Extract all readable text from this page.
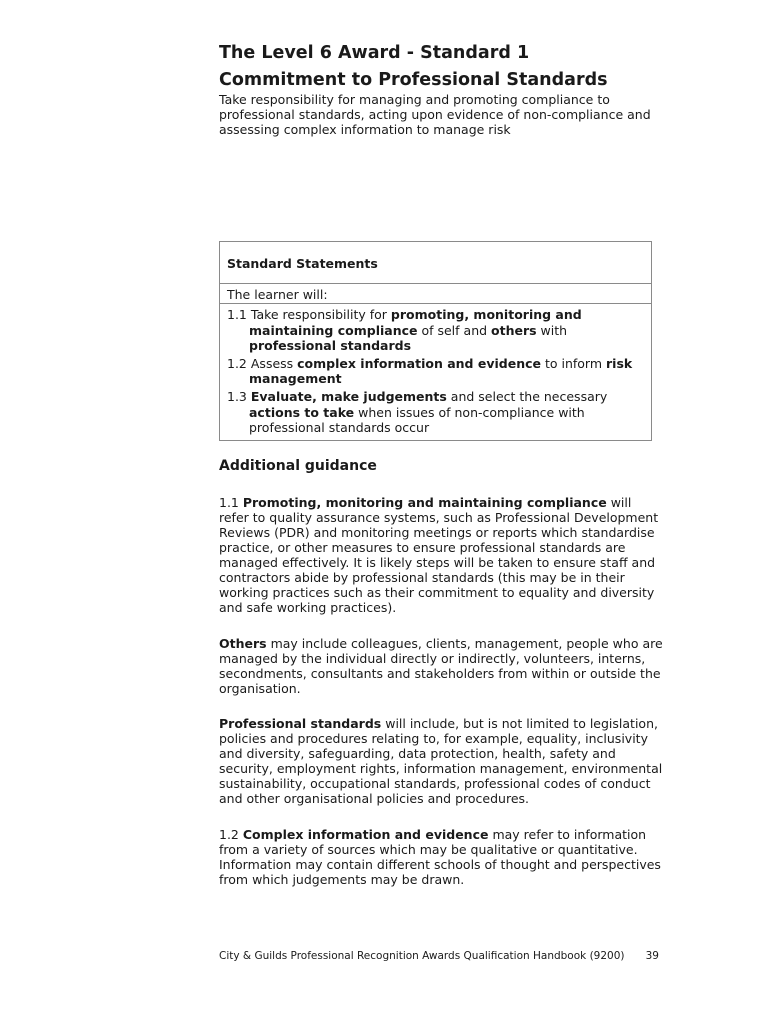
The Level 6 Award - Standard 1
Commitment to Professional Standards

Take responsibility for managing and promoting compliance to professional standards, acting upon evidence of non-compliance and assessing complex information to manage risk

Standard Statements
The learner will:
1.1 Take responsibility for promoting, monitoring and maintaining compliance of self and others with professional standards
1.2 Assess complex information and evidence to inform risk management
1.3 Evaluate, make judgements and select the necessary actions to take when issues of non-compliance with professional standards occur
Additional guidance

1.1 Promoting, monitoring and maintaining compliance will refer to quality assurance systems, such as Professional Development Reviews (PDR) and monitoring meetings or reports which standardise practice, or other measures to ensure professional standards are managed effectively. It is likely steps will be taken to ensure staff and contractors abide by professional standards (this may be in their working practices such as their commitment to equality and diversity and safe working practices).

Others may include colleagues, clients, management, people who are managed by the individual directly or indirectly, volunteers, interns, secondments, consultants and stakeholders from within or outside the organisation.

Professional standards will include, but is not limited to legislation, policies and procedures relating to, for example, equality, inclusivity and diversity, safeguarding, data protection, health, safety and security, employment rights, information management, environmental sustainability, occupational standards, professional codes of conduct and other organisational policies and procedures.

1.2 Complex information and evidence may refer to information from a variety of sources which may be qualitative or quantitative. Information may contain different schools of thought and perspectives from which judgements may be drawn.

City & Guilds Professional Recognition Awards Qualification Handbook (9200) 39
